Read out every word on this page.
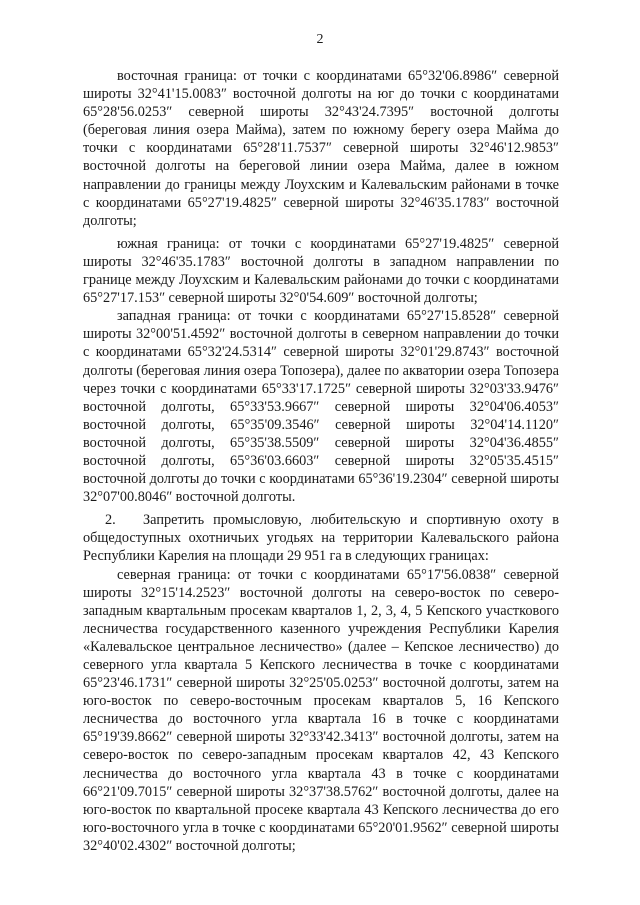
2

восточная граница: от точки с координатами 65°32'06.8986″ северной широты 32°41'15.0083″ восточной долготы на юг до точки с координатами 65°28'56.0253″ северной широты 32°43'24.7395″ восточной долготы (береговая линия озера Майма), затем по южному берегу озера Майма до точки с координатами 65°28'11.7537″ северной широты 32°46'12.9853″ восточной долготы на береговой линии озера Майма, далее в южном направлении до границы между Лоухским и Калевальским районами в точке с координатами 65°27'19.4825″ северной широты 32°46'35.1783″ восточной долготы;

южная граница: от точки с координатами 65°27'19.4825″ северной широты 32°46'35.1783″ восточной долготы в западном направлении по границе между Лоухским и Калевальским районами до точки с координатами 65°27'17.153″ северной широты 32°0'54.609″ восточной долготы;

западная граница: от точки с координатами 65°27'15.8528″ северной широты 32°00'51.4592″ восточной долготы в северном направлении до точки с координатами 65°32'24.5314″ северной широты 32°01'29.8743″ восточной долготы (береговая линия озера Топозера), далее по акватории озера Топозера через точки с координатами 65°33'17.1725″ северной широты 32°03'33.9476″ восточной долготы, 65°33'53.9667″ северной широты 32°04'06.4053″ восточной долготы, 65°35'09.3546″ северной широты 32°04'14.1120″ восточной долготы, 65°35'38.5509″ северной широты 32°04'36.4855″ восточной долготы, 65°36'03.6603″ северной широты 32°05'35.4515″ восточной долготы до точки с координатами 65°36'19.2304″ северной широты 32°07'00.8046″ восточной долготы.

2. Запретить промысловую, любительскую и спортивную охоту в общедоступных охотничьих угодьях на территории Калевальского района Республики Карелия на площади 29 951 га в следующих границах:

северная граница: от точки с координатами 65°17'56.0838″ северной широты 32°15'14.2523″ восточной долготы на северо-восток по северо-западным квартальным просекам кварталов 1, 2, 3, 4, 5 Кепского участкового лесничества государственного казенного учреждения Республики Карелия «Калевальское центральное лесничество» (далее – Кепское лесничество) до северного угла квартала 5 Кепского лесничества в точке с координатами 65°23'46.1731″ северной широты 32°25'05.0253″ восточной долготы, затем на юго-восток по северо-восточным просекам кварталов 5, 16 Кепского лесничества до восточного угла квартала 16 в точке с координатами 65°19'39.8662″ северной широты 32°33'42.3413″ восточной долготы, затем на северо-восток по северо-западным просекам кварталов 42, 43 Кепского лесничества до восточного угла квартала 43 в точке с координатами 66°21'09.7015″ северной широты 32°37'38.5762″ восточной долготы, далее на юго-восток по квартальной просеке квартала 43 Кепского лесничества до его юго-восточного угла в точке с координатами 65°20'01.9562″ северной широты 32°40'02.4302″ восточной долготы;
